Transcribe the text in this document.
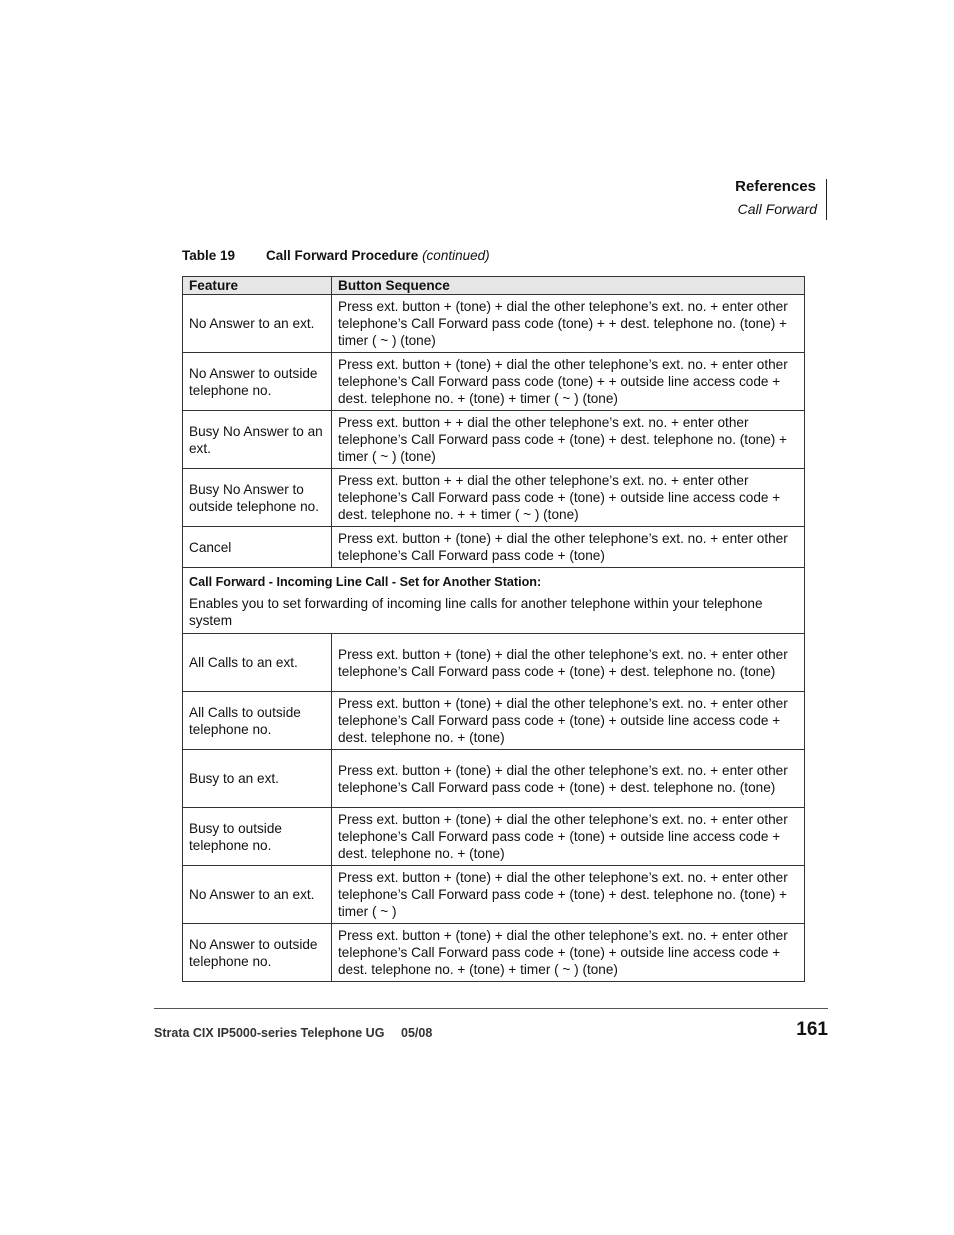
References
Call Forward
Table 19 Call Forward Procedure (continued)
Feature	Button Sequence
No Answer to an ext.	Press ext. button + (tone) + dial the other telephone’s ext. no. + enter other telephone’s Call Forward pass code (tone) + + dest. telephone no. (tone) + timer ( ~ ) (tone)
No Answer to outside telephone no.	Press ext. button + (tone) + dial the other telephone’s ext. no. + enter other telephone’s Call Forward pass code (tone) + + outside line access code + dest. telephone no. + (tone) + timer ( ~ ) (tone)
Busy No Answer to an ext.	Press ext. button + + dial the other telephone’s ext. no. + enter other telephone’s Call Forward pass code + (tone) + dest. telephone no. (tone) + timer ( ~ ) (tone)
Busy No Answer to outside telephone no.	Press ext. button + + dial the other telephone’s ext. no. + enter other telephone’s Call Forward pass code + (tone) + outside line access code + dest. telephone no. + + timer ( ~ ) (tone)
Cancel	Press ext. button + (tone) + dial the other telephone’s ext. no. + enter other telephone’s Call Forward pass code + (tone)

Call Forward - Incoming Line Call - Set for Another Station:
Enables you to set forwarding of incoming line calls for another telephone within your telephone system	

All Calls to an ext.	Press ext. button + (tone) + dial the other telephone’s ext. no. + enter other telephone’s Call Forward pass code + (tone) + dest. telephone no. (tone)
All Calls to outside telephone no.	Press ext. button + (tone) + dial the other telephone’s ext. no. + enter other telephone’s Call Forward pass code + (tone) + outside line access code + dest. telephone no. + (tone)
Busy to an ext.	Press ext. button + (tone) + dial the other telephone’s ext. no. + enter other telephone’s Call Forward pass code + (tone) + dest. telephone no. (tone)
Busy to outside telephone no.	Press ext. button + (tone) + dial the other telephone’s ext. no. + enter other telephone’s Call Forward pass code + (tone) + outside line access code + dest. telephone no. + (tone)
No Answer to an ext.	Press ext. button + (tone) + dial the other telephone’s ext. no. + enter other telephone’s Call Forward pass code + (tone) + dest. telephone no. (tone) + timer ( ~ )
No Answer to outside telephone no.	Press ext. button + (tone) + dial the other telephone’s ext. no. + enter other telephone’s Call Forward pass code + (tone) + outside line access code + dest. telephone no. + (tone) + timer ( ~ ) (tone)
Strata CIX IP5000-series Telephone UG 05/08	161
